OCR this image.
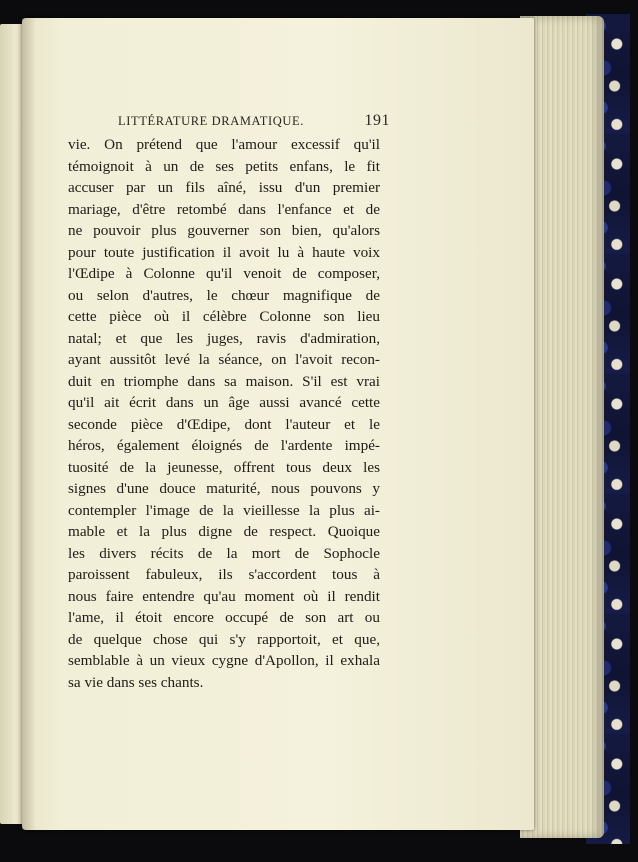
LITTÉRATURE DRAMATIQUE.	191
vie. On prétend que l'amour excessif qu'il
témoignoit à un de ses petits enfans, le fit
accuser par un fils aîné, issu d'un premier
mariage, d'être retombé dans l'enfance et de
ne pouvoir plus gouverner son bien, qu'alors
pour toute justification il avoit lu à haute voix
l'Œdipe à Colonne qu'il venoit de composer,
ou selon d'autres, le chœur magnifique de
cette pièce où il célèbre Colonne son lieu
natal; et que les juges, ravis d'admiration,
ayant aussitôt levé la séance, on l'avoit recon-
duit en triomphe dans sa maison. S'il est vrai
qu'il ait écrit dans un âge aussi avancé cette
seconde pièce d'Œdipe, dont l'auteur et le
héros, également éloignés de l'ardente impé-
tuosité de la jeunesse, offrent tous deux les
signes d'une douce maturité, nous pouvons y
contempler l'image de la vieillesse la plus ai-
mable et la plus digne de respect. Quoique
les divers récits de la mort de Sophocle
paroissent fabuleux, ils s'accordent tous à
nous faire entendre qu'au moment où il rendit
l'ame, il étoit encore occupé de son art ou
de quelque chose qui s'y rapportoit, et que,
semblable à un vieux cygne d'Apollon, il exhala
sa vie dans ses chants.
